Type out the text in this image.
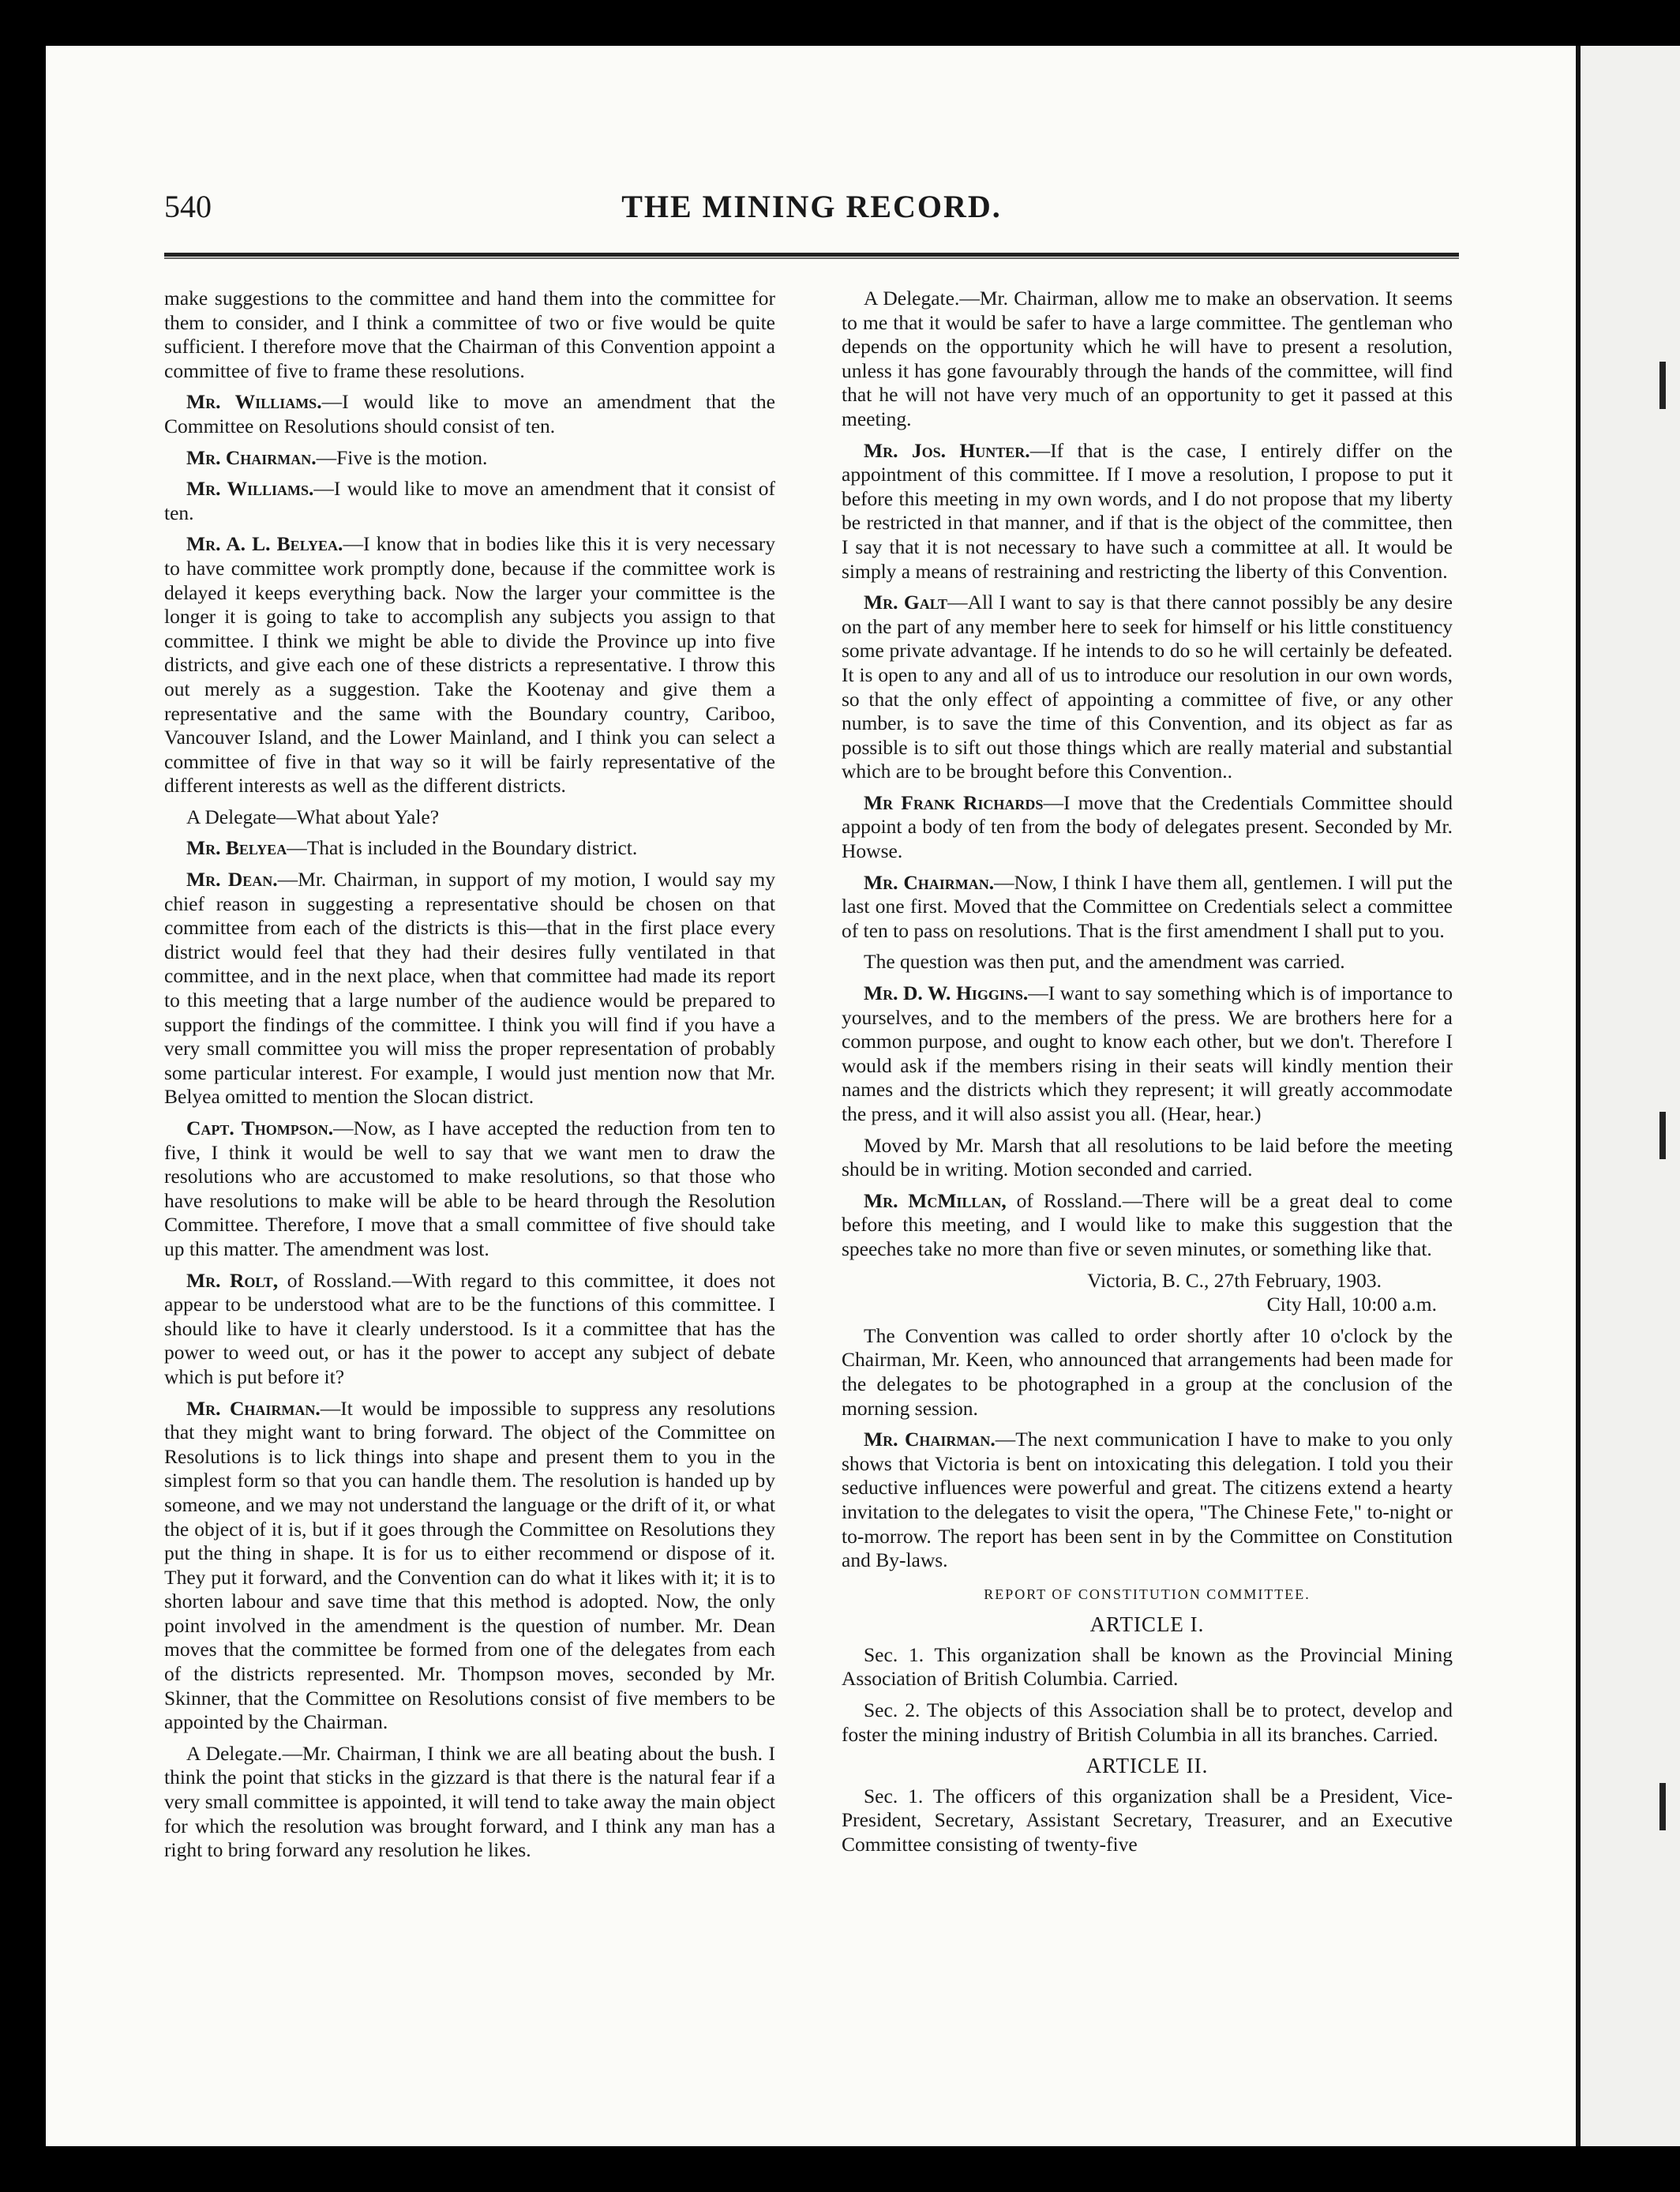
540	THE MINING RECORD.

make suggestions to the committee and hand them into the committee for them to consider, and I think a committee of two or five would be quite sufficient. I therefore move that the Chairman of this Convention appoint a committee of five to frame these resolutions.

Mr. Williams.—I would like to move an amendment that the Committee on Resolutions should consist of ten.

Mr. Chairman.—Five is the motion.

Mr. Williams.—I would like to move an amendment that it consist of ten.

Mr. A. L. Belyea.—I know that in bodies like this it is very necessary to have committee work promptly done, because if the committee work is delayed it keeps everything back. Now the larger your committee is the longer it is going to take to accomplish any subjects you assign to that committee. I think we might be able to divide the Province up into five districts, and give each one of these districts a representative. I throw this out merely as a suggestion. Take the Kootenay and give them a representative and the same with the Boundary country, Cariboo, Vancouver Island, and the Lower Mainland, and I think you can select a committee of five in that way so it will be fairly representative of the different interests as well as the different districts.

A Delegate—What about Yale?

Mr. Belyea—That is included in the Boundary district.

Mr. Dean.—Mr. Chairman, in support of my motion, I would say my chief reason in suggesting a representative should be chosen on that committee from each of the districts is this—that in the first place every district would feel that they had their desires fully ventilated in that committee, and in the next place, when that committee had made its report to this meeting that a large number of the audience would be prepared to support the findings of the committee. I think you will find if you have a very small committee you will miss the proper representation of probably some particular interest. For example, I would just mention now that Mr. Belyea omitted to mention the Slocan district.

Capt. Thompson.—Now, as I have accepted the reduction from ten to five, I think it would be well to say that we want men to draw the resolutions who are accustomed to make resolutions, so that those who have resolutions to make will be able to be heard through the Resolution Committee. Therefore, I move that a small committee of five should take up this matter. The amendment was lost.

Mr. Rolt, of Rossland.—With regard to this committee, it does not appear to be understood what are to be the functions of this committee. I should like to have it clearly understood. Is it a committee that has the power to weed out, or has it the power to accept any subject of debate which is put before it?

Mr. Chairman.—It would be impossible to suppress any resolutions that they might want to bring forward. The object of the Committee on Resolutions is to lick things into shape and present them to you in the simplest form so that you can handle them. The resolution is handed up by someone, and we may not understand the language or the drift of it, or what the object of it is, but if it goes through the Committee on Resolutions they put the thing in shape. It is for us to either recommend or dispose of it. They put it forward, and the Convention can do what it likes with it; it is to shorten labour and save time that this method is adopted. Now, the only point involved in the amendment is the question of number. Mr. Dean moves that the committee be formed from one of the delegates from each of the districts represented. Mr. Thompson moves, seconded by Mr. Skinner, that the Committee on Resolutions consist of five members to be appointed by the Chairman.

A Delegate.—Mr. Chairman, I think we are all beating about the bush. I think the point that sticks in the gizzard is that there is the natural fear if a very small committee is appointed, it will tend to take away the main object for which the resolution was brought forward, and I think any man has a right to bring forward any resolution he likes.

A Delegate.—Mr. Chairman, allow me to make an observation. It seems to me that it would be safer to have a large committee. The gentleman who depends on the opportunity which he will have to present a resolution, unless it has gone favourably through the hands of the committee, will find that he will not have very much of an opportunity to get it passed at this meeting.

Mr. Jos. Hunter.—If that is the case, I entirely differ on the appointment of this committee. If I move a resolution, I propose to put it before this meeting in my own words, and I do not propose that my liberty be restricted in that manner, and if that is the object of the committee, then I say that it is not necessary to have such a committee at all. It would be simply a means of restraining and restricting the liberty of this Convention.

Mr. Galt—All I want to say is that there cannot possibly be any desire on the part of any member here to seek for himself or his little constituency some private advantage. If he intends to do so he will certainly be defeated. It is open to any and all of us to introduce our resolution in our own words, so that the only effect of appointing a committee of five, or any other number, is to save the time of this Convention, and its object as far as possible is to sift out those things which are really material and substantial which are to be brought before this Convention..

Mr Frank Richards—I move that the Credentials Committee should appoint a body of ten from the body of delegates present. Seconded by Mr. Howse.

Mr. Chairman.—Now, I think I have them all, gentlemen. I will put the last one first. Moved that the Committee on Credentials select a committee of ten to pass on resolutions. That is the first amendment I shall put to you.

The question was then put, and the amendment was carried.

Mr. D. W. Higgins.—I want to say something which is of importance to yourselves, and to the members of the press. We are brothers here for a common purpose, and ought to know each other, but we don't. Therefore I would ask if the members rising in their seats will kindly mention their names and the districts which they represent; it will greatly accommodate the press, and it will also assist you all. (Hear, hear.)

Moved by Mr. Marsh that all resolutions to be laid before the meeting should be in writing. Motion seconded and carried.

Mr. McMillan, of Rossland.—There will be a great deal to come before this meeting, and I would like to make this suggestion that the speeches take no more than five or seven minutes, or something like that.

Victoria, B. C., 27th February, 1903.

City Hall, 10:00 a.m.

The Convention was called to order shortly after 10 o'clock by the Chairman, Mr. Keen, who announced that arrangements had been made for the delegates to be photographed in a group at the conclusion of the morning session.

Mr. Chairman.—The next communication I have to make to you only shows that Victoria is bent on intoxicating this delegation. I told you their seductive influences were powerful and great. The citizens extend a hearty invitation to the delegates to visit the opera, "The Chinese Fete," to-night or to-morrow. The report has been sent in by the Committee on Constitution and By-laws.

REPORT OF CONSTITUTION COMMITTEE.

ARTICLE I.

Sec. 1. This organization shall be known as the Provincial Mining Association of British Columbia. Carried.

Sec. 2. The objects of this Association shall be to protect, develop and foster the mining industry of British Columbia in all its branches. Carried.

ARTICLE II.

Sec. 1. The officers of this organization shall be a President, Vice-President, Secretary, Assistant Secretary, Treasurer, and an Executive Committee consisting of twenty-five
